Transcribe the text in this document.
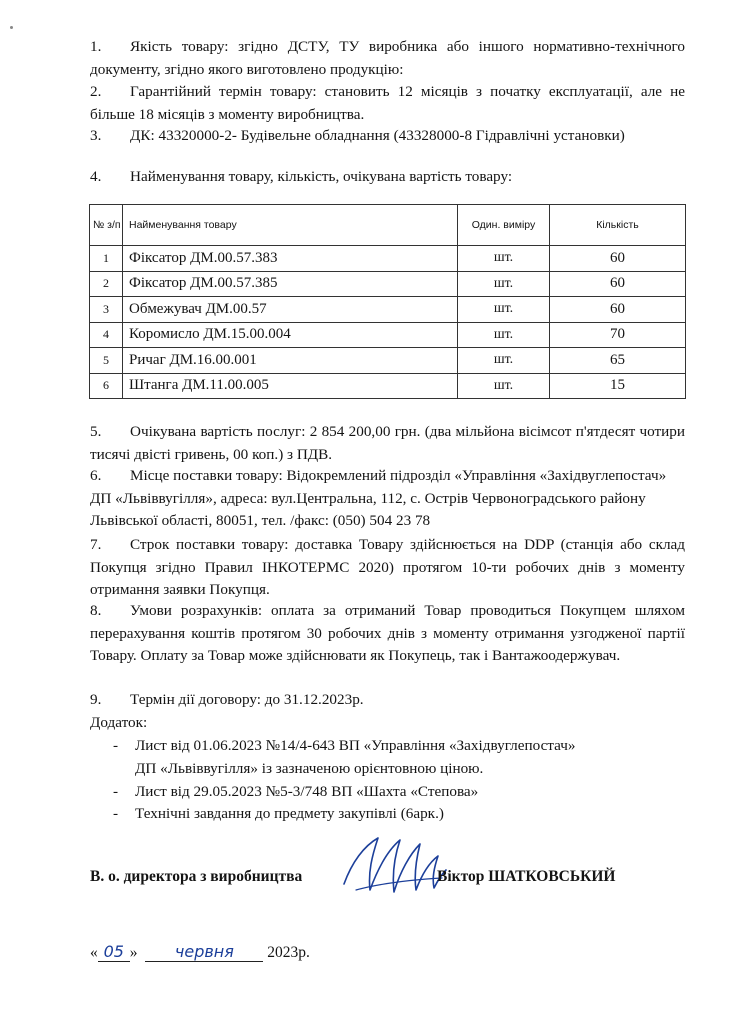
1. Якість товару: згідно ДСТУ, ТУ виробника або іншого нормативно-технічного документу, згідно якого виготовлено продукцію:
2. Гарантійний термін товару: становить 12 місяців з початку експлуатації, але не більше 18 місяців з моменту виробництва.
3. ДК: 43320000-2- Будівельне обладнання (43328000-8 Гідравлічні установки)
4. Найменування товару, кількість, очікувана вартість товару:
№ з/п	Найменування товару	Один. виміру	Кількість
1	Фіксатор ДМ.00.57.383	шт.	60
2	Фіксатор ДМ.00.57.385	шт.	60
3	Обмежувач ДМ.00.57	шт.	60
4	Коромисло ДМ.15.00.004	шт.	70
5	Ричаг ДМ.16.00.001	шт.	65
6	Штанга ДМ.11.00.005	шт.	15
5. Очікувана вартість послуг: 2 854 200,00 грн. (два мільйона вісімсот п'ятдесят чотири тисячі двісті гривень, 00 коп.) з ПДВ.
6. Місце поставки товару: Відокремлений підрозділ «Управління «Західвуглепостач» ДП «Львіввугілля», адреса: вул.Центральна, 112, с. Острів Червоноградського району Львівської області, 80051, тел. /факс: (050) 504 23 78
7. Строк поставки товару: доставка Товару здійснюється на DDP (станція або склад Покупця згідно Правил ІНКОТЕРМС 2020) протягом 10-ти робочих днів з моменту отримання заявки Покупця.
8. Умови розрахунків: оплата за отриманий Товар проводиться Покупцем шляхом перерахування коштів протягом 30 робочих днів з моменту отримання узгодженої партії Товару. Оплату за Товар може здійснювати як Покупець, так і Вантажоодержувач.
9. Термін дії договору: до 31.12.2023р.
Додаток:
- Лист від 01.06.2023 №14/4-643 ВП «Управління «Західвуглепостач»
ДП «Львіввугілля» із зазначеною орієнтовною ціною.
- Лист від 29.05.2023 №5-3/748 ВП «Шахта «Степова»
- Технічні завдання до предмету закупівлі (6арк.)
В. о. директора з виробництва	Віктор ШАТКОВСЬКИЙ
« 05 » червня 2023р.
